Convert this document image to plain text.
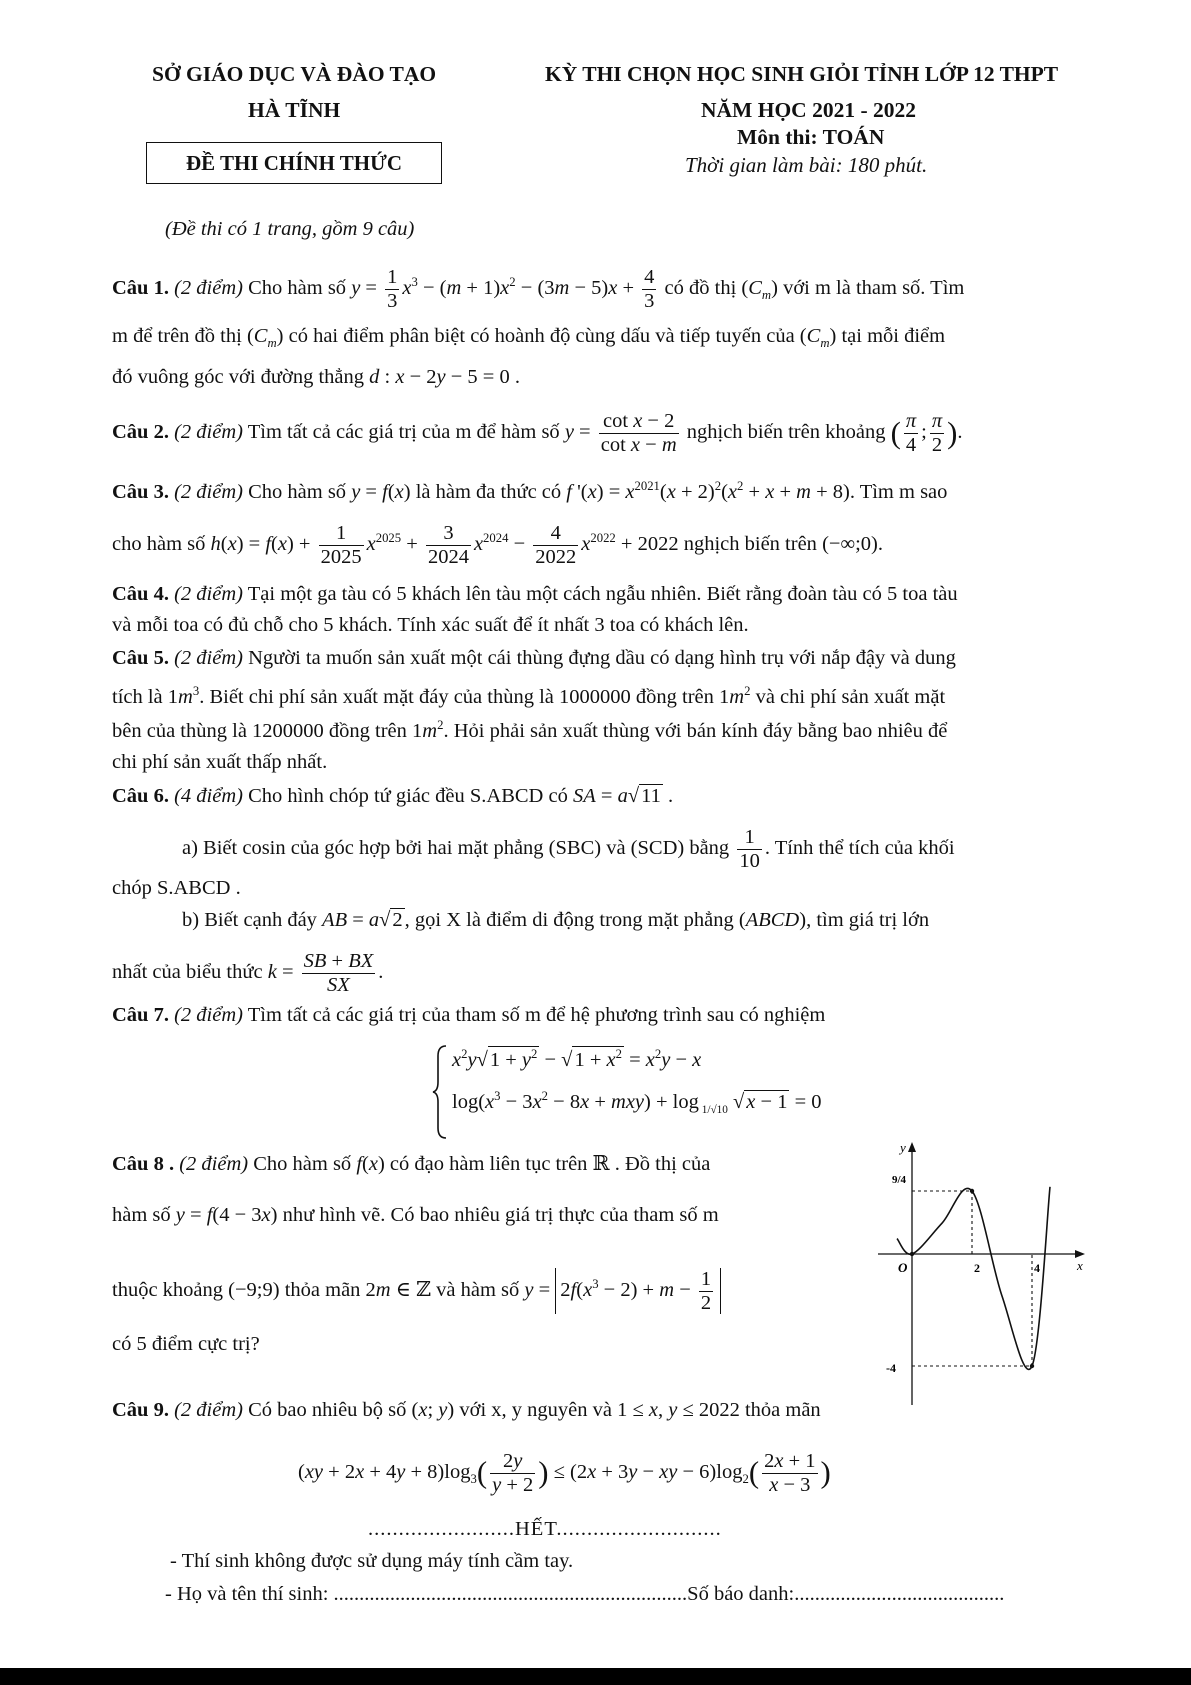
SỞ GIÁO DỤC VÀ ĐÀO TẠO
HÀ TĨNH
ĐỀ THI CHÍNH THỨC
KỲ THI CHỌN HỌC SINH GIỎI TỈNH LỚP 12 THPT
NĂM HỌC 2021 - 2022
Môn thi: TOÁN
Thời gian làm bài: 180 phút.
(Đề thi có 1 trang, gồm 9 câu)
Câu 1. (2 điểm) Cho hàm số $y = \frac{1}{3} x^3 - (m + 1)x^2 - (3m - 5)x + \frac{4}{3}$ có đồ thị $(C_m)$ với m là tham số. Tìm
m để trên đồ thị $(C_m)$ có hai điểm phân biệt có hoành độ cùng dấu và tiếp tuyến của $(C_m)$ tại mỗi điểm
đó vuông góc với đường thẳng d : x − 2y − 5 = 0 .
Câu 2. (2 điểm) Tìm tất cả các giá trị của m để hàm số $y = \frac{\text{cot x − 2}}{\text{cot x − m}}$ nghịch biến trên khoảng ( $\frac{\pi}{4}$ ; $\frac{\pi}{2}$ ).
Câu 3. (2 điểm) Cho hàm số y = f(x) là hàm đa thức có f '$(x) = x^{2021}(x + 2)^2(x^2 + x + m + 8)$. Tìm m sao
cho hàm số $h(x) = f(x) + \frac{1}{2025} x^{2025} + \frac{3}{2024} x^{2024} - \frac{4}{2022} x^{2022} + 2022$ nghịch biến trên (−∞;0).
Câu 4. (2 điểm) Tại một ga tàu có 5 khách lên tàu một cách ngẫu nhiên. Biết rằng đoàn tàu có 5 toa tàu
và mỗi toa có đủ chỗ cho 5 khách. Tính xác suất để ít nhất 3 toa có khách lên.
Câu 5. (2 điểm) Người ta muốn sản xuất một cái thùng đựng dầu có dạng hình trụ với nắp đậy và dung
tích là $1m^3$. Biết chi phí sản xuất mặt đáy của thùng là 1000000 đồng trên $1m^2$ và chi phí sản xuất mặt
bên của thùng là 1200000 đồng trên $1m^2$. Hỏi phải sản xuất thùng với bán kính đáy bằng bao nhiêu để
chi phí sản xuất thấp nhất.
Câu 6. (4 điểm) Cho hình chóp tứ giác đều S.ABCD có SA = a√11 .
a) Biết cosin của góc hợp bởi hai mặt phẳng (SBC) và (SCD) bằng $\frac{1}{10}$ . Tính thể tích của khối
chóp S.ABCD .
b) Biết cạnh đáy AB = a√2, gọi X là điểm di động trong mặt phẳng (ABCD), tìm giá trị lớn
nhất của biểu thức $k = \frac{SB + BX}{SX}$ .
Câu 7. (2 điểm) Tìm tất cả các giá trị của tham số m để hệ phương trình sau có nghiệm
$x^2y√1 + y^2 - √1 + x^2 = x^2y - x$
$\log(x^3 - 3x^2 - 8x + mxy) + \log _{1/√10}$ √x − 1 = 0
Câu 8 . (2 điểm) Cho hàm số f(x) có đạo hàm liên tục trên ℝ . Đồ thị của
hàm số y = f(4 − 3x) như hình vẽ. Có bao nhiêu giá trị thực của tham số m
thuộc khoảng (−9;9) thỏa mãn 2m ∈ ℤ và hàm số $y = 2f(x^3 - 2) + m - \frac{1}{2}$
có 5 điểm cực trị?
y
x
O
9/4
-4
2	4
Câu 9. (2 điểm) Có bao nhiêu bộ số (x; y) với x, y nguyên và 1 ≤ x, y ≤ 2022 thỏa mãn
$(xy + 2x + 4y + 8)\log_3( \frac{2y}{y + 2}$ ) ≤ (2x + 3y − xy − $6)\log_2( \frac{2x + 1}{x - 3}$ )
........................HẾT...........................
- Thí sinh không được sử dụng máy tính cầm tay.
- Họ và tên thí sinh: .....................................................................Số báo danh:.........................................
